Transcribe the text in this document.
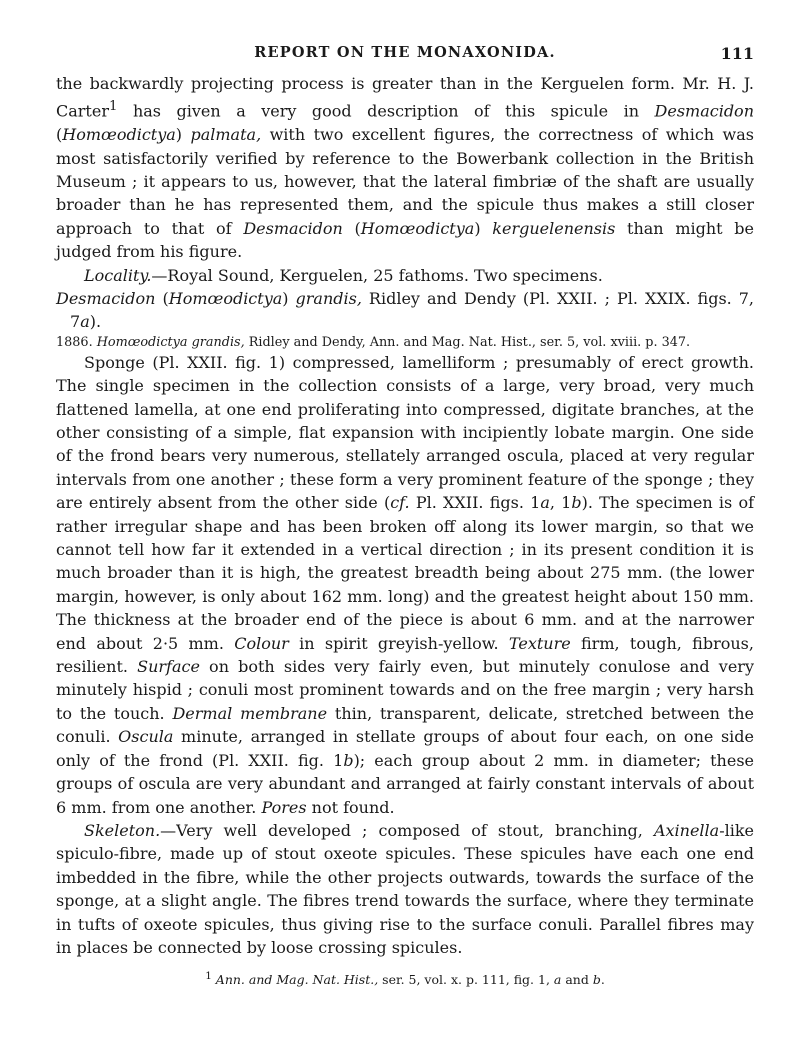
REPORT ON THE MONAXONIDA.	111

the backwardly projecting process is greater than in the Kerguelen form. Mr. H. J. Carter$^1$ has given a very good description of this spicule in Desmacidon (Homœodictya) palmata, with two excellent figures, the correctness of which was most satisfactorily verified by reference to the Bowerbank collection in the British Museum ; it appears to us, however, that the lateral fimbriæ of the shaft are usually broader than he has represented them, and the spicule thus makes a still closer approach to that of Desmacidon (Homœodictya) kerguelenensis than might be judged from his figure.

Locality.—Royal Sound, Kerguelen, 25 fathoms. Two specimens.

Desmacidon (Homœodictya) grandis, Ridley and Dendy (Pl. XXII. ; Pl. XXIX. figs. 7, 7a).

1886. Homœodictya grandis, Ridley and Dendy, Ann. and Mag. Nat. Hist., ser. 5, vol. xviii. p. 347.

Sponge (Pl. XXII. fig. 1) compressed, lamelliform ; presumably of erect growth. The single specimen in the collection consists of a large, very broad, very much flattened lamella, at one end proliferating into compressed, digitate branches, at the other consisting of a simple, flat expansion with incipiently lobate margin. One side of the frond bears very numerous, stellately arranged oscula, placed at very regular intervals from one another ; these form a very prominent feature of the sponge ; they are entirely absent from the other side (cf. Pl. XXII. figs. 1a, 1b). The specimen is of rather irregular shape and has been broken off along its lower margin, so that we cannot tell how far it extended in a vertical direction ; in its present condition it is much broader than it is high, the greatest breadth being about 275 mm. (the lower margin, however, is only about 162 mm. long) and the greatest height about 150 mm. The thickness at the broader end of the piece is about 6 mm. and at the narrower end about 2·5 mm. Colour in spirit greyish-yellow. Texture firm, tough, fibrous, resilient. Surface on both sides very fairly even, but minutely conulose and very minutely hispid ; conuli most prominent towards and on the free margin ; very harsh to the touch. Dermal membrane thin, transparent, delicate, stretched between the conuli. Oscula minute, arranged in stellate groups of about four each, on one side only of the frond (Pl. XXII. fig. 1b); each group about 2 mm. in diameter; these groups of oscula are very abundant and arranged at fairly constant intervals of about 6 mm. from one another. Pores not found.

Skeleton.—Very well developed ; composed of stout, branching, Axinella-like spiculo-fibre, made up of stout oxeote spicules. These spicules have each one end imbedded in the fibre, while the other projects outwards, towards the surface of the sponge, at a slight angle. The fibres trend towards the surface, where they terminate in tufts of oxeote spicules, thus giving rise to the surface conuli. Parallel fibres may in places be connected by loose crossing spicules.

$^1$ Ann. and Mag. Nat. Hist., ser. 5, vol. x. p. 111, fig. 1, a and b.
